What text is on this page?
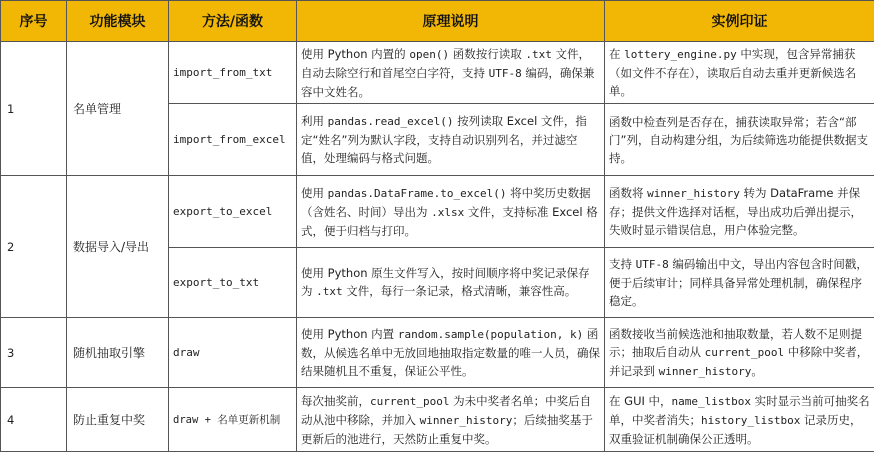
序号	功能模块	方法/函数	原理说明	实例印证
1	名单管理	import_from_txt	使用 Python 内置的 open() 函数按行读取 .txt 文件，自动去除空行和首尾空白字符，支持 UTF-8 编码，确保兼容中文姓名。	在 lottery_engine.py 中实现，包含异常捕获（如文件不存在），读取后自动去重并更新候选名单。
		import_from_excel	利用 pandas.read_excel() 按列读取 Excel 文件，指定“姓名”列为默认字段，支持自动识别列名，并过滤空值，处理编码与格式问题。	函数中检查列是否存在，捕获读取异常；若含“部门”列，自动构建分组，为后续筛选功能提供数据支持。
2	数据导入/导出	export_to_excel	使用 pandas.DataFrame.to_excel() 将中奖历史数据（含姓名、时间）导出为 .xlsx 文件，支持标准 Excel 格式，便于归档与打印。	函数将 winner_history 转为 DataFrame 并保存；提供文件选择对话框，导出成功后弹出提示，失败时显示错误信息，用户体验完整。
		export_to_txt	使用 Python 原生文件写入，按时间顺序将中奖记录保存为 .txt 文件，每行一条记录，格式清晰，兼容性高。	支持 UTF-8 编码输出中文，导出内容包含时间戳，便于后续审计；同样具备异常处理机制，确保程序稳定。
3	随机抽取引擎	draw	使用 Python 内置 random.sample(population, k) 函数，从候选名单中无放回地抽取指定数量的唯一人员，确保结果随机且不重复，保证公平性。	函数接收当前候选池和抽取数量，若人数不足则提示；抽取后自动从 current_pool 中移除中奖者，并记录到 winner_history。
4	防止重复中奖	draw + 名单更新机制	每次抽奖前，current_pool 为未中奖者名单；中奖后自动从池中移除，并加入 winner_history；后续抽奖基于更新后的池进行，天然防止重复中奖。	在 GUI 中，name_listbox 实时显示当前可抽奖名单，中奖者消失；history_listbox 记录历史，双重验证机制确保公正透明。
